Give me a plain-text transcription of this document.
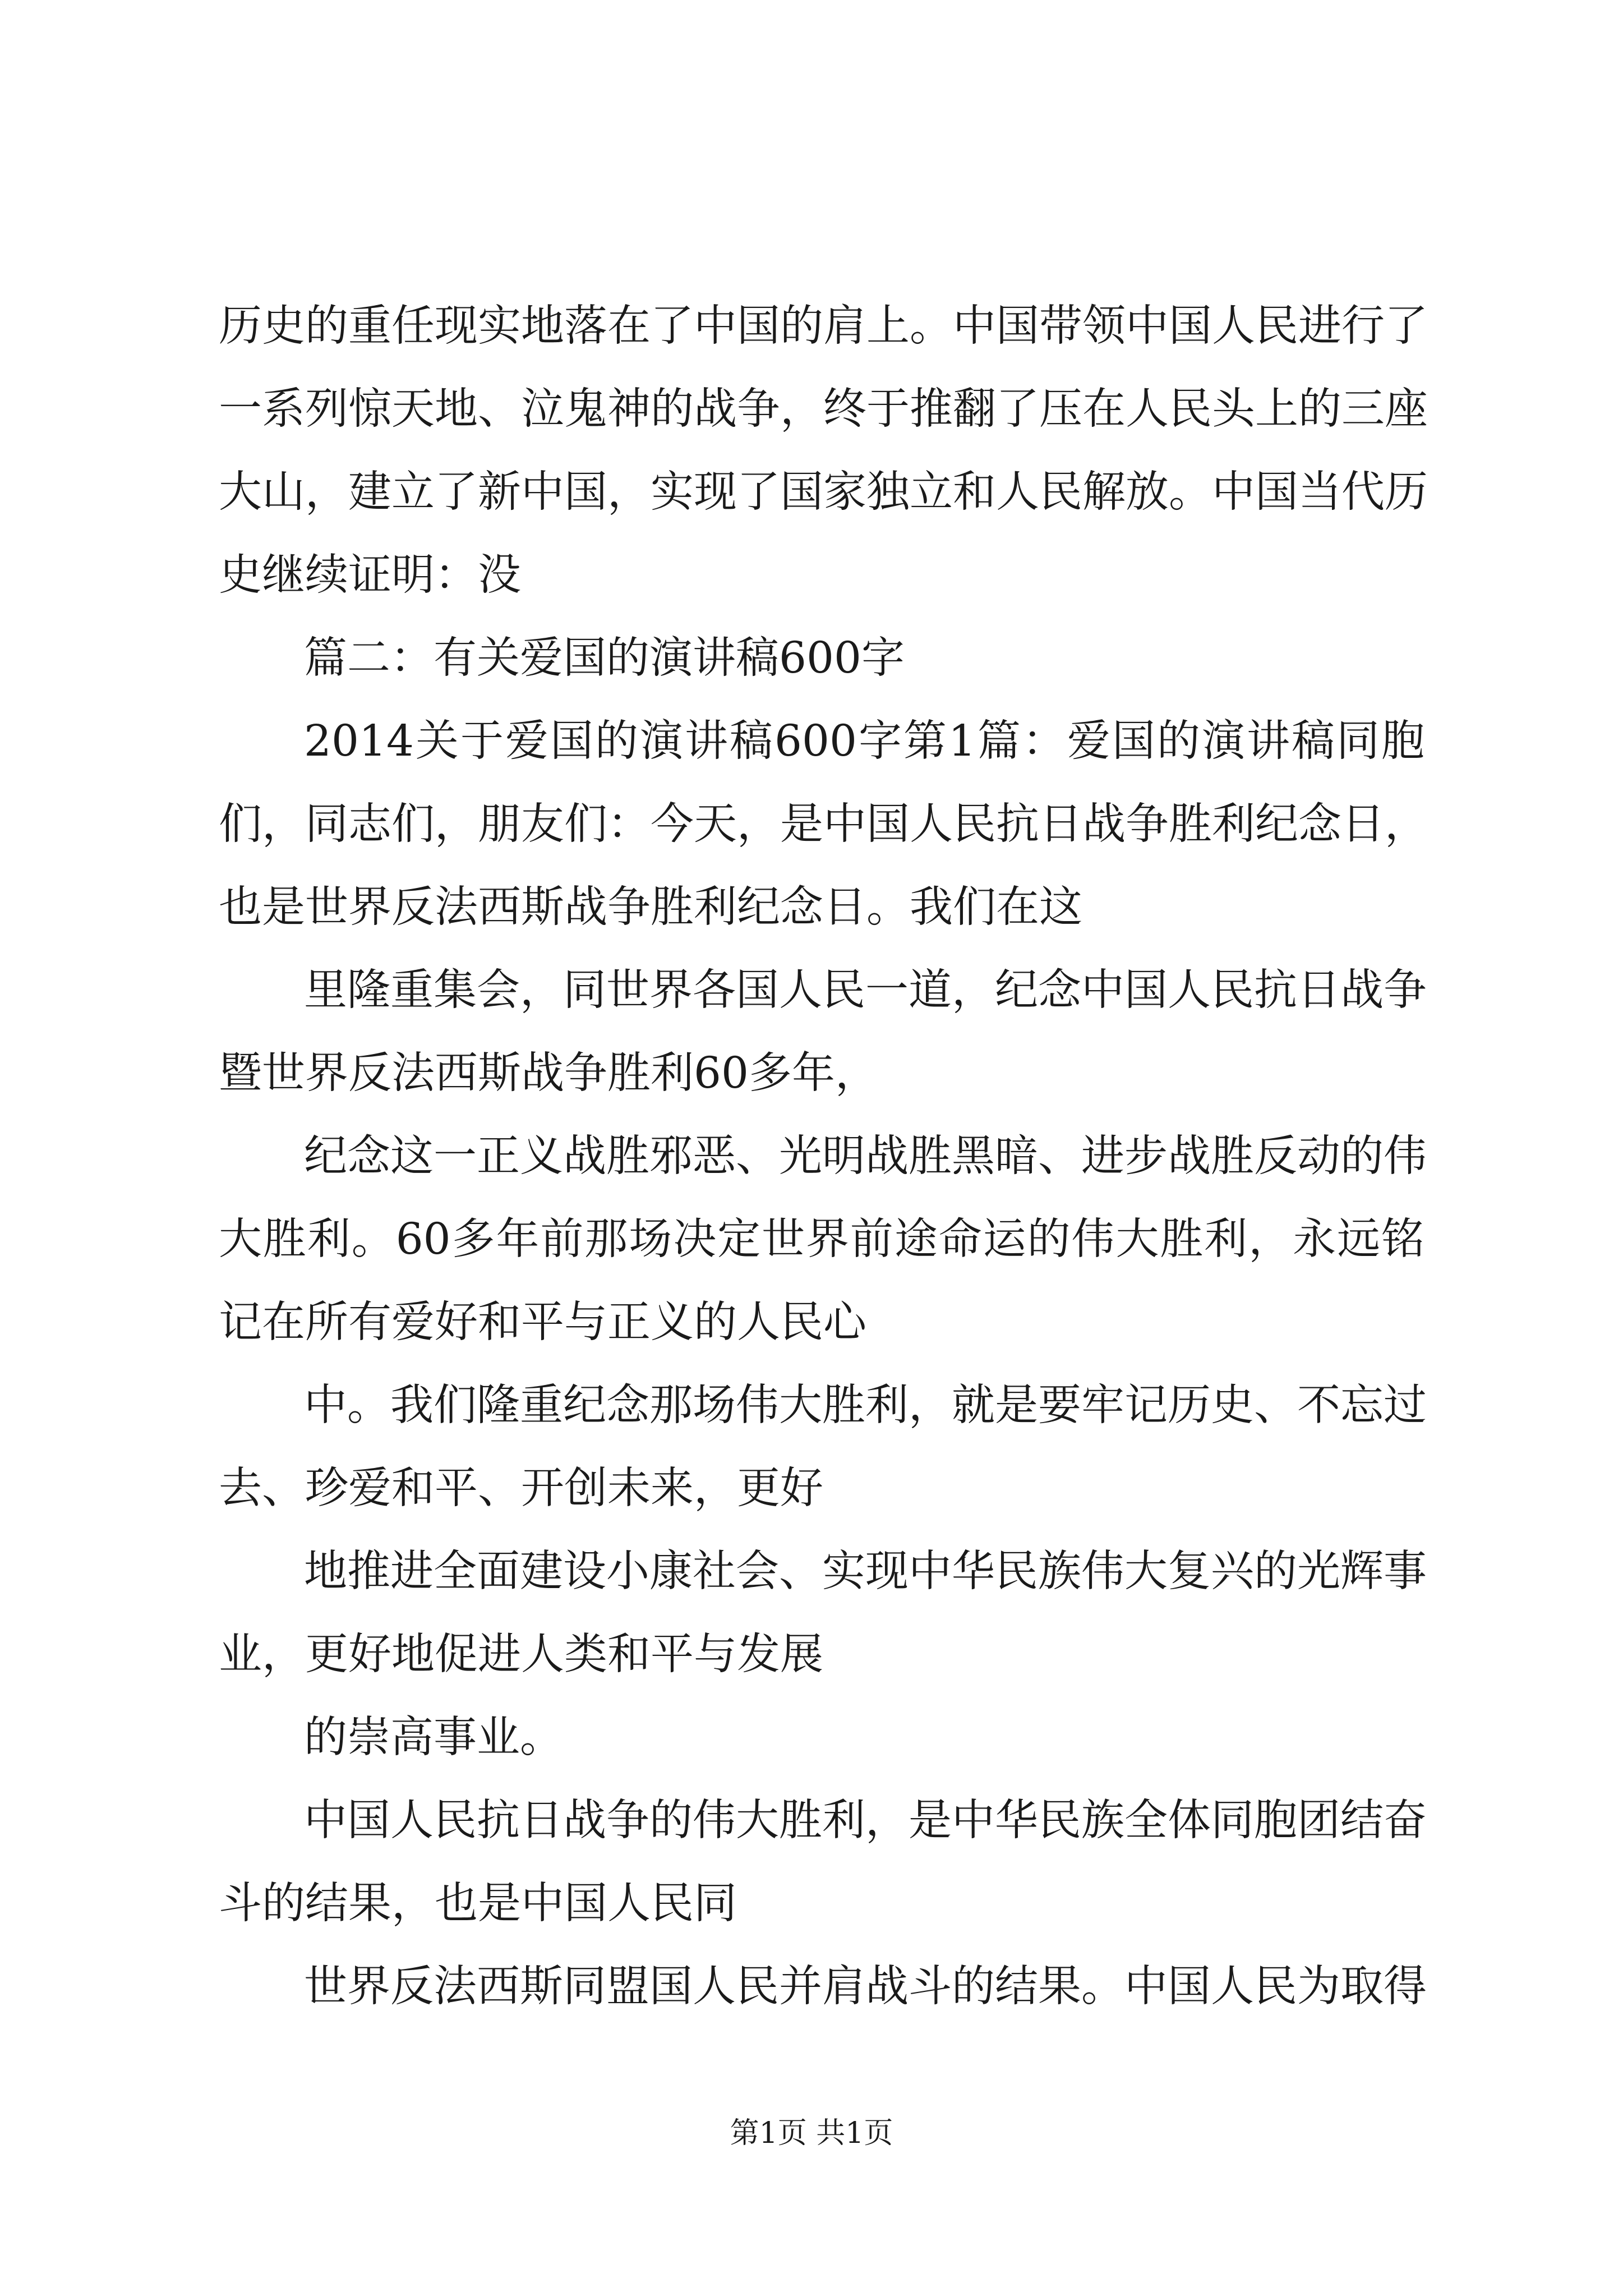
历史的重任现实地落在了中国的肩上。中国带领中国人民进行了
一系列惊天地、泣鬼神的战争，终于推翻了压在人民头上的三座
大山，建立了新中国，实现了国家独立和人民解放。中国当代历
史继续证明：没
篇二：有关爱国的演讲稿600字
2014关于爱国的演讲稿600字第1篇：爱国的演讲稿同胞
们，同志们，朋友们：今天，是中国人民抗日战争胜利纪念日，
也是世界反法西斯战争胜利纪念日。我们在这
里隆重集会，同世界各国人民一道，纪念中国人民抗日战争
暨世界反法西斯战争胜利60多年，
纪念这一正义战胜邪恶、光明战胜黑暗、进步战胜反动的伟
大胜利。60多年前那场决定世界前途命运的伟大胜利，永远铭
记在所有爱好和平与正义的人民心
中。我们隆重纪念那场伟大胜利，就是要牢记历史、不忘过
去、珍爱和平、开创未来，更好
地推进全面建设小康社会、实现中华民族伟大复兴的光辉事
业，更好地促进人类和平与发展
的崇高事业。
中国人民抗日战争的伟大胜利，是中华民族全体同胞团结奋
斗的结果，也是中国人民同
世界反法西斯同盟国人民并肩战斗的结果。中国人民为取得
第1页 共1页
